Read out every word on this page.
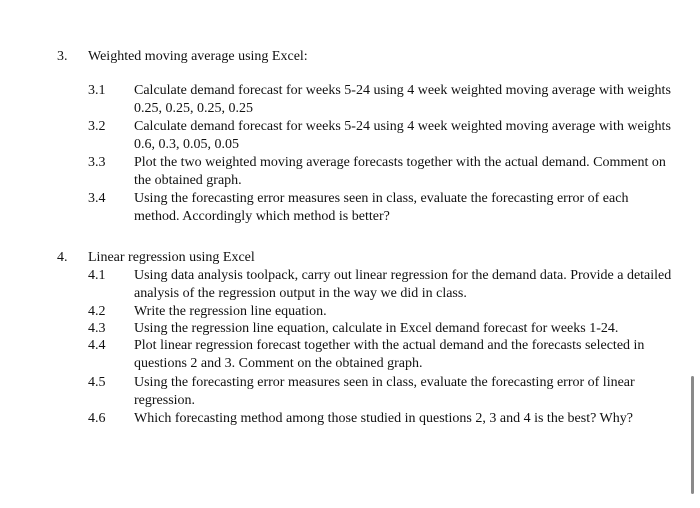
3. Weighted moving average using Excel:
3.1 Calculate demand forecast for weeks 5-24 using 4 week weighted moving average with weights 0.25, 0.25, 0.25, 0.25
3.2 Calculate demand forecast for weeks 5-24 using 4 week weighted moving average with weights 0.6, 0.3, 0.05, 0.05
3.3 Plot the two weighted moving average forecasts together with the actual demand. Comment on the obtained graph.
3.4 Using the forecasting error measures seen in class, evaluate the forecasting error of each method. Accordingly which method is better?
4. Linear regression using Excel
4.1 Using data analysis toolpack, carry out linear regression for the demand data. Provide a detailed analysis of the regression output in the way we did in class.
4.2 Write the regression line equation.
4.3 Using the regression line equation, calculate in Excel demand forecast for weeks 1-24.
4.4 Plot linear regression forecast together with the actual demand and the forecasts selected in questions 2 and 3. Comment on the obtained graph.
4.5 Using the forecasting error measures seen in class, evaluate the forecasting error of linear regression.
4.6 Which forecasting method among those studied in questions 2, 3 and 4 is the best? Why?
